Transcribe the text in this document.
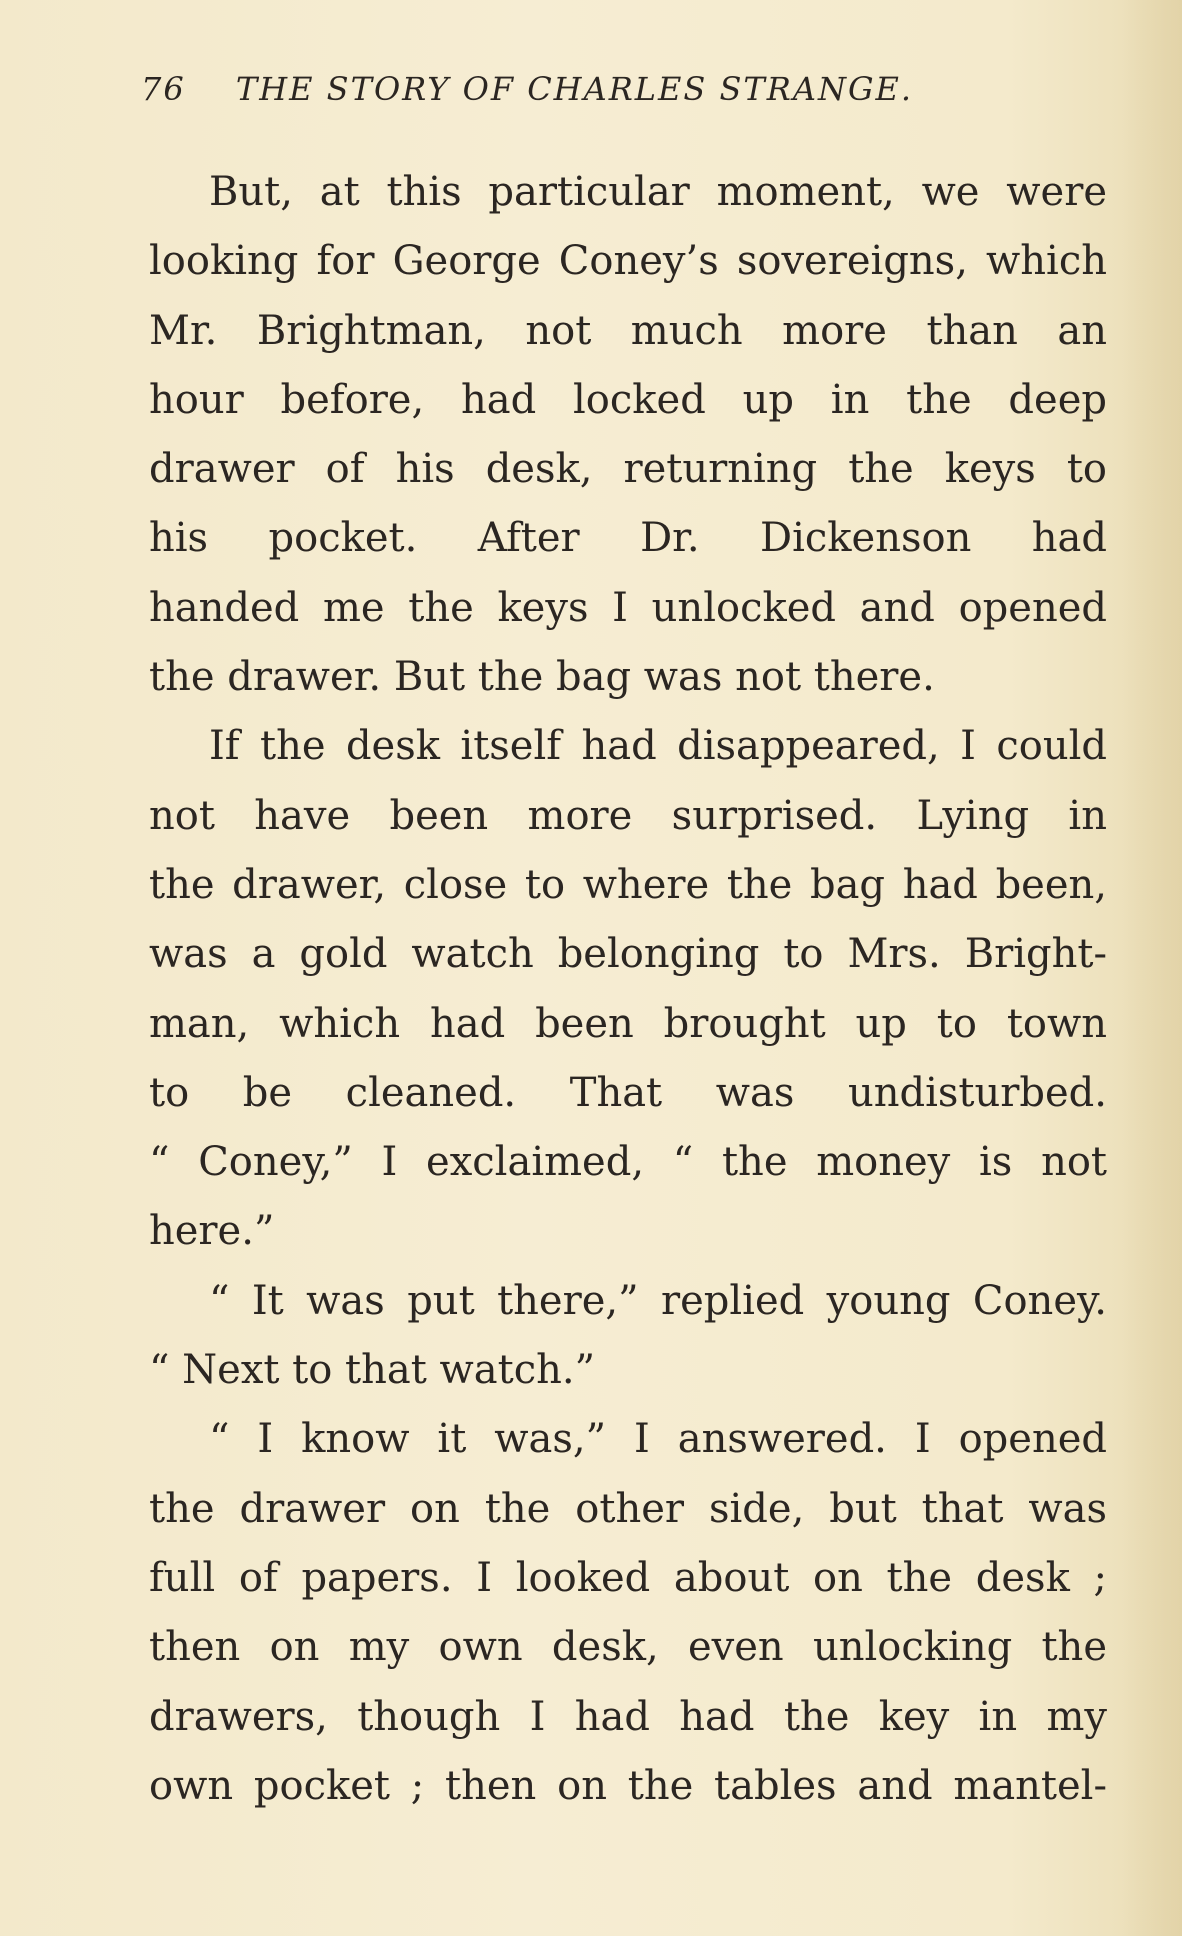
76 THE STORY OF CHARLES STRANGE.
But, at this particular moment, we were
looking for George Coney’s sovereigns, which
Mr. Brightman, not much more than an
hour before, had locked up in the deep
drawer of his desk, returning the keys to
his pocket. After Dr. Dickenson had
handed me the keys I unlocked and opened
the drawer. But the bag was not there.
If the desk itself had disappeared, I could
not have been more surprised. Lying in
the drawer, close to where the bag had been,
was a gold watch belonging to Mrs. Bright-
man, which had been brought up to town
to be cleaned. That was undisturbed.
“ Coney,” I exclaimed, “ the money is not
here.”
“ It was put there,” replied young Coney.
“ Next to that watch.”
“ I know it was,” I answered. I opened
the drawer on the other side, but that was
full of papers. I looked about on the desk ;
then on my own desk, even unlocking the
drawers, though I had had the key in my
own pocket ; then on the tables and mantel-
